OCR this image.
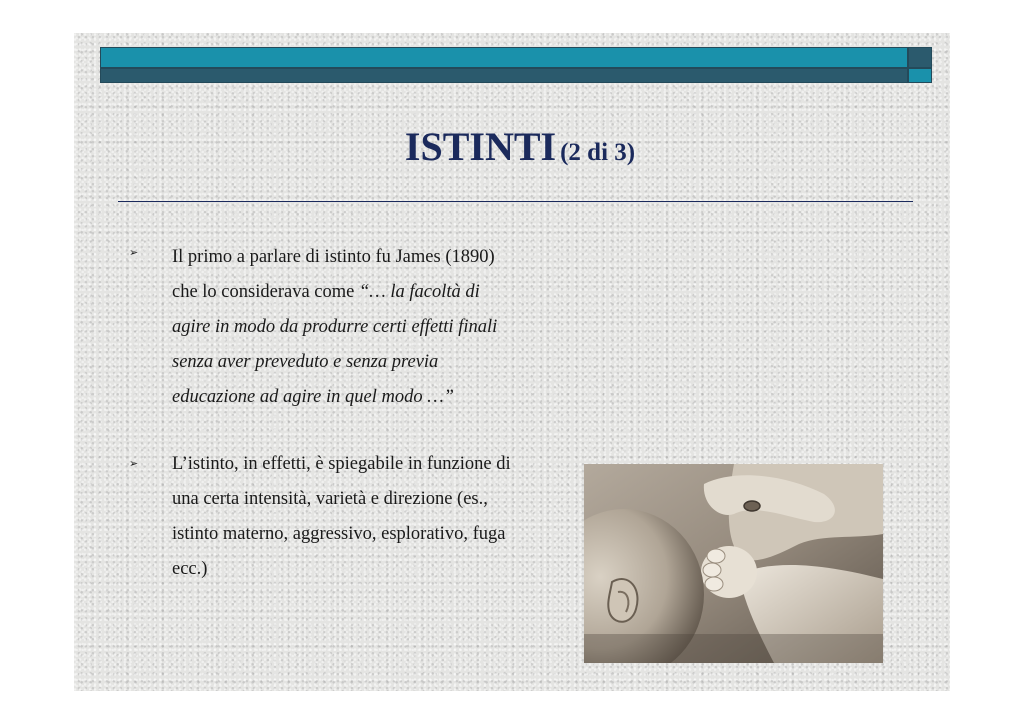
ISTINTI (2 di 3)
➢	Il primo a parlare di istinto fu James (1890)
che lo considerava come “… la facoltà di
agire in modo da produrre certi effetti finali
senza aver preveduto e senza previa
educazione ad agire in quel modo …”
➢	L’istinto, in effetti, è spiegabile in funzione di
una certa intensità, varietà e direzione (es.,
istinto materno, aggressivo, esplorativo, fuga
ecc.)
